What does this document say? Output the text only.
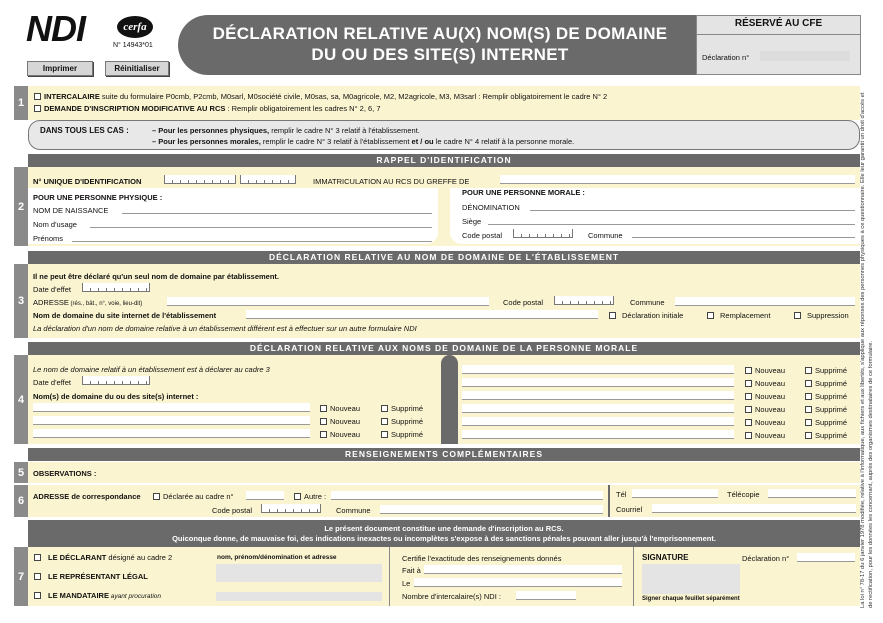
NDI	cerfa
N° 14943*01
Imprimer	Réinitialiser
DÉCLARATION RELATIVE AU(X) NOM(S) DE DOMAINE
DU OU DES SITE(S) INTERNET
RÉSERVÉ AU CFE
Déclaration n°
1
INTERCALAIRE suite du formulaire P0cmb, P2cmb, M0sarl, M0société civile, M0sas, sa, M0agricole, M2, M2agricole, M3, M3sarl : Remplir obligatoirement le cadre N° 2
DEMANDE D'INSCRIPTION MODIFICATIVE AU RCS : Remplir obligatoirement les cadres N° 2, 6, 7
DANS TOUS LES CAS :	– Pour les personnes physiques, remplir le cadre N° 3 relatif à l'établissement.
– Pour les personnes morales, remplir le cadre N° 3 relatif à l'établissement et / ou le cadre N° 4 relatif à la personne morale.
RAPPEL D'IDENTIFICATION
2
N° UNIQUE D'IDENTIFICATION	IMMATRICULATION AU RCS DU GREFFE DE
POUR UNE PERSONNE PHYSIQUE :
NOM DE NAISSANCE
Nom d'usage
Prénoms
POUR UNE PERSONNE MORALE :
DÉNOMINATION
Siège
Code postal	Commune
DÉCLARATION RELATIVE AU NOM DE DOMAINE DE L'ÉTABLISSEMENT
3
Il ne peut être déclaré qu'un seul nom de domaine par établissement.
Date d'effet
ADRESSE (rés., bât., n°, voie, lieu-dit)	Code postal	Commune
Nom de domaine du site internet de l'établissement	Déclaration initiale	Remplacement	Suppression
La déclaration d'un nom de domaine relative à un établissement différent est à effectuer sur un autre formulaire NDI
DÉCLARATION RELATIVE AUX NOMS DE DOMAINE DE LA PERSONNE MORALE
4
Le nom de domaine relatif à un établissement est à déclarer au cadre 3
Date d'effet
Nom(s) de domaine du ou des site(s) internet :
Nouveau	Supprimé
Nouveau	Supprimé
Nouveau	Supprimé
Nouveau	Supprimé
Nouveau	Supprimé
Nouveau	Supprimé
Nouveau	Supprimé
Nouveau	Supprimé
Nouveau	Supprimé
RENSEIGNEMENTS COMPLÉMENTAIRES
5	OBSERVATIONS :
6	ADRESSE de correspondance	Déclarée au cadre n°	Autre :
Code postal	Commune
Tél	Télécopie
Courriel
Le présent document constitue une demande d'inscription au RCS.
Quiconque donne, de mauvaise foi, des indications inexactes ou incomplètes s'expose à des sanctions pénales pouvant aller jusqu'à l'emprisonnement.
7
LE DÉCLARANT désigné au cadre 2	nom, prénom/dénomination et adresse
LE REPRÉSENTANT LÉGAL
LE MANDATAIRE ayant procuration
Certifie l'exactitude des renseignements donnés
Fait à
Le
Nombre d'intercalaire(s) NDI :
SIGNATURE	Déclaration n°
Signer chaque feuillet séparément	La loi n° 78-17 du 6 janvier 1978 modifiée, relative à l'informatique, aux fichiers et aux libertés, s'applique aux réponses des personnes physiques à ce questionnaire. Elle leur garantit un droit d'accès et de rectification, pour les données les concernant, auprès des organismes destinataires de ce formulaire.
